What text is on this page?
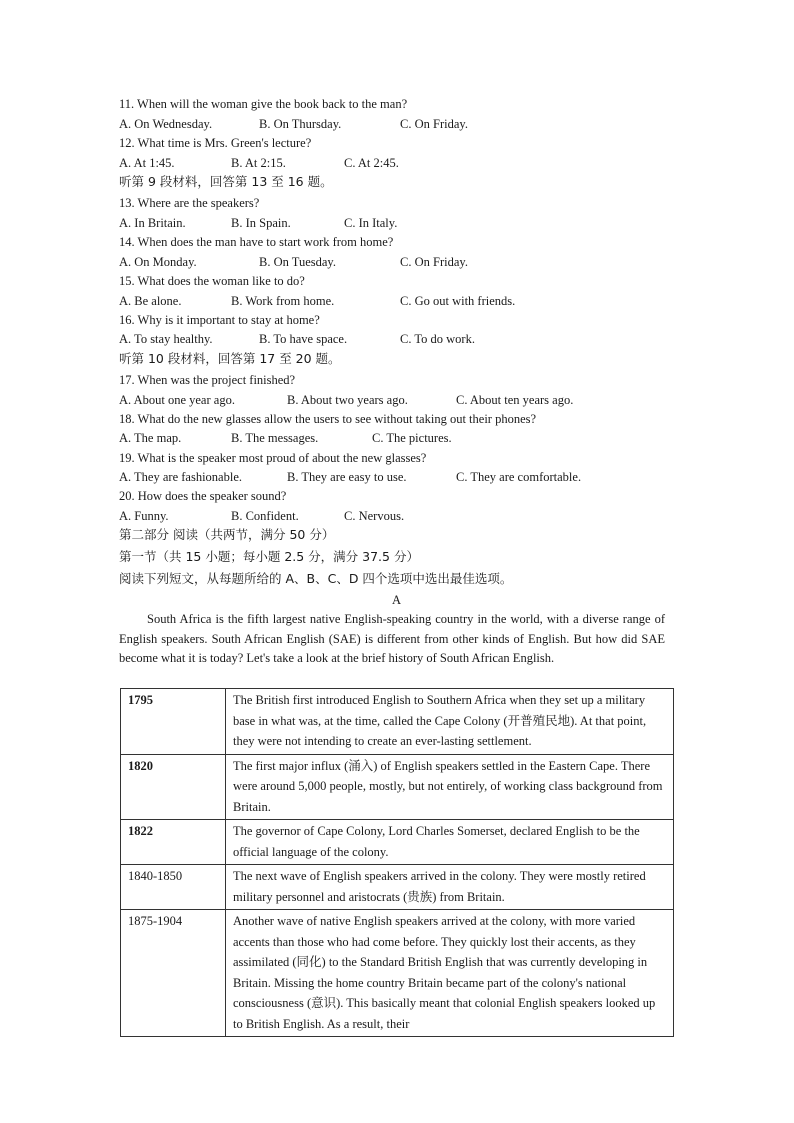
11. When will the woman give the book back to the man?
A. On Wednesday.	B. On Thursday.	C. On Friday.
12. What time is Mrs. Green's lecture?
A. At 1:45.	B. At 2:15.	C. At 2:45.
听第 9 段材料，回答第 13 至 16 题。
13. Where are the speakers?
A. In Britain.	B. In Spain.	C. In Italy.
14. When does the man have to start work from home?
A. On Monday.	B. On Tuesday.	C. On Friday.
15. What does the woman like to do?
A. Be alone.	B. Work from home.	C. Go out with friends.
16. Why is it important to stay at home?
A. To stay healthy.	B. To have space.	C. To do work.
听第 10 段材料，回答第 17 至 20 题。
17. When was the project finished?
A. About one year ago.	B. About two years ago.	C. About ten years ago.
18. What do the new glasses allow the users to see without taking out their phones?
A. The map.	B. The messages.	C. The pictures.
19. What is the speaker most proud of about the new glasses?
A. They are fashionable.	B. They are easy to use.	C. They are comfortable.
20. How does the speaker sound?
A. Funny.	B. Confident.	C. Nervous.
第二部分 阅读（共两节，满分 50 分）
第一节（共 15 小题；每小题 2.5 分，满分 37.5 分）
阅读下列短文，从每题所给的 A、B、C、D 四个选项中选出最佳选项。
A

South Africa is the fifth largest native English-speaking country in the world, with a diverse range of English speakers. South African English (SAE) is different from other kinds of English. But how did SAE become what it is today? Let's take a look at the brief history of South African English.

1795	The British first introduced English to Southern Africa when they set up a military base in what was, at the time, called the Cape Colony (开普殖民地). At that point, they were not intending to create an ever-lasting settlement.
1820	The first major influx (涌入) of English speakers settled in the Eastern Cape. There were around 5,000 people, mostly, but not entirely, of working class background from Britain.
1822	The governor of Cape Colony, Lord Charles Somerset, declared English to be the official language of the colony.
1840-1850	The next wave of English speakers arrived in the colony. They were mostly retired military personnel and aristocrats (贵族) from Britain.
1875-1904	Another wave of native English speakers arrived at the colony, with more varied accents than those who had come before. They quickly lost their accents, as they assimilated (同化) to the Standard British English that was currently developing in Britain. Missing the home country Britain became part of the colony's national consciousness (意识). This basically meant that colonial English speakers looked up to British English. As a result, their
